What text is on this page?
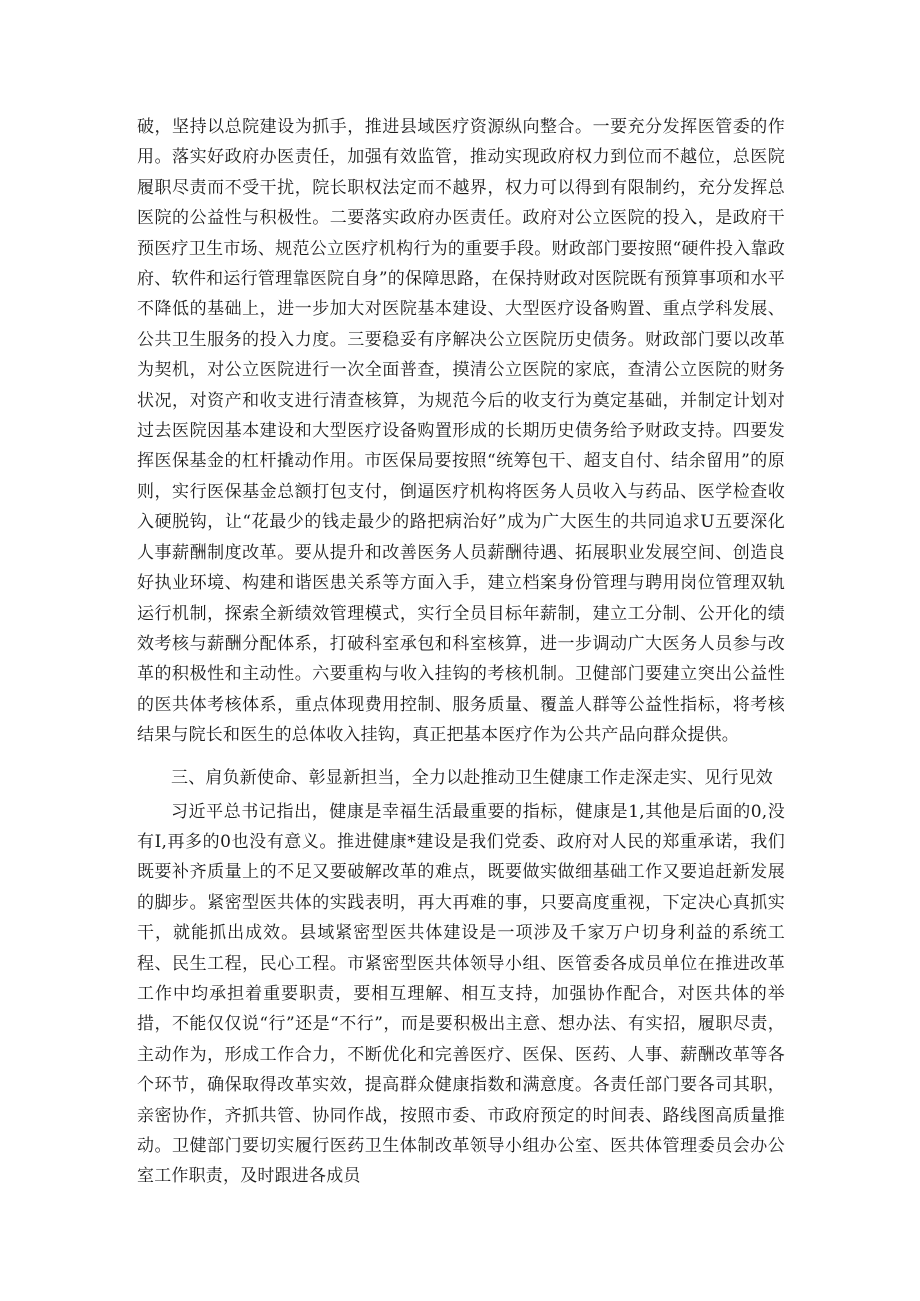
破，坚持以总院建设为抓手，推进县域医疗资源纵向整合。一要充分发挥医管委的作用。落实好政府办医责任，加强有效监管，推动实现政府权力到位而不越位，总医院履职尽责而不受干扰，院长职权法定而不越界，权力可以得到有限制约，充分发挥总医院的公益性与积极性。二要落实政府办医责任。政府对公立医院的投入，是政府干预医疗卫生市场、规范公立医疗机构行为的重要手段。财政部门要按照“硬件投入靠政府、软件和运行管理靠医院自身”的保障思路，在保持财政对医院既有预算事项和水平不降低的基础上，进一步加大对医院基本建设、大型医疗设备购置、重点学科发展、公共卫生服务的投入力度。三要稳妥有序解决公立医院历史债务。财政部门要以改革为契机，对公立医院进行一次全面普查，摸清公立医院的家底，查清公立医院的财务状况，对资产和收支进行清查核算，为规范今后的收支行为奠定基础，并制定计划对过去医院因基本建设和大型医疗设备购置形成的长期历史债务给予财政支持。四要发挥医保基金的杠杆撬动作用。市医保局要按照“统筹包干、超支自付、结余留用”的原则，实行医保基金总额打包支付，倒逼医疗机构将医务人员收入与药品、医学检查收入硬脱钩，让“花最少的钱走最少的路把病治好”成为广大医生的共同追求U五要深化人事薪酬制度改革。要从提升和改善医务人员薪酬待遇、拓展职业发展空间、创造良好执业环境、构建和谐医患关系等方面入手，建立档案身份管理与聘用岗位管理双轨运行机制，探索全新绩效管理模式，实行全员目标年薪制，建立工分制、公开化的绩效考核与薪酬分配体系，打破科室承包和科室核算，进一步调动广大医务人员参与改革的积极性和主动性。六要重构与收入挂钩的考核机制。卫健部门要建立突出公益性的医共体考核体系，重点体现费用控制、服务质量、覆盖人群等公益性指标，将考核结果与院长和医生的总体收入挂钩，真正把基本医疗作为公共产品向群众提供。

三、肩负新使命、彰显新担当，全力以赴推动卫生健康工作走深走实、见行见效

习近平总书记指出，健康是幸福生活最重要的指标，健康是1,其他是后面的0,没有I,再多的0也没有意义。推进健康*建设是我们党委、政府对人民的郑重承诺，我们既要补齐质量上的不足又要破解改革的难点，既要做实做细基础工作又要追赶新发展的脚步。紧密型医共体的实践表明，再大再难的事，只要高度重视，下定决心真抓实干，就能抓出成效。县域紧密型医共体建设是一项涉及千家万户切身利益的系统工程、民生工程，民心工程。市紧密型医共体领导小组、医管委各成员单位在推进改革工作中均承担着重要职责，要相互理解、相互支持，加强协作配合，对医共体的举措，不能仅仅说“行”还是“不行”，而是要积极出主意、想办法、有实招，履职尽责，主动作为，形成工作合力，不断优化和完善医疗、医保、医药、人事、薪酬改革等各个环节，确保取得改革实效，提高群众健康指数和满意度。各责任部门要各司其职，亲密协作，齐抓共管、协同作战，按照市委、市政府预定的时间表、路线图高质量推动。卫健部门要切实履行医药卫生体制改革领导小组办公室、医共体管理委员会办公室工作职责，及时跟进各成员
